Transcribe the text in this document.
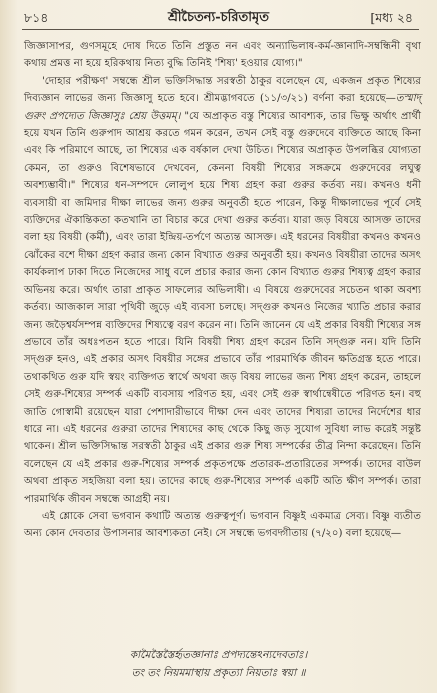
৮১৪	শ্রীচৈতন্য-চরিতামৃত	[মধ্য ২৪

জিজ্ঞাসাপর, গুণসমূহে দোষ দিতে তিনি প্রস্তুত নন এবং অন্যাভিলাষ-কর্ম-জ্ঞানাদি-সম্বন্ধিনী বৃথা কথায় প্রমত্ত না হয়ে হরিকথায় নিত্য বুদ্ধি তিনিই 'শিষ্য' হওয়ার যোগ্য।"

'দোহার পরীক্ষণ' সম্বন্ধে শ্রীল ভক্তিসিদ্ধান্ত সরস্বতী ঠাকুর বলেছেন যে, একজন প্রকৃত শিষ্যের দিব্যজ্ঞান লাভের জন্য জিজ্ঞাসু হতে হবে। শ্রীমদ্ভাগবতে (১১/৩/২১) বর্ণনা করা হয়েছে—তস্মাদ্ গুরুং প্রপদ্যেত জিজ্ঞাসুঃ শ্রেয় উত্তমম্। "যে অপ্রাকৃত বস্তু শিষ্যের আবশ্যক, তার ভিক্ষু অর্থাৎ প্রার্থী হয়ে যখন তিনি গুরুপাদ আশ্রয় করতে গমন করেন, তখন সেই বস্তু গুরুদেবে ব্যক্তিতে আছে কিনা এবং কি পরিমাণে আছে, তা শিষ্যের এক বর্ষকাল দেখা উচিত। শিষ্যের অপ্রাকৃত উপলব্ধির যোগ্যতা কেমন, তা গুরুও বিশেষভাবে দেখবেন, কেননা বিষয়ী শিষ্যের সঙ্গক্রমে গুরুদেবের লঘুত্ব অবশ্যম্ভাবী।" শিষ্যের ধন-সম্পদে লোলুপ হয়ে শিষ্য গ্রহণ করা গুরুর কর্তব্য নয়। কখনও ধনী ব্যবসায়ী বা জমিদার দীক্ষা লাভের জন্য গুরুর অনুবর্তী হতে পারেন, কিন্তু দীক্ষালাভের পূর্বে সেই ব্যক্তিদের ঐকান্তিকতা কতখানি তা বিচার করে দেখা গুরুর কর্তব্য। যারা জড় বিষয়ে আসক্ত তাদের বলা হয় বিষয়ী (কর্মী), এবং তারা ইন্দ্রিয়-তর্পণে অত্যন্ত আসক্ত। এই ধরনের বিষয়ীরা কখনও কখনও ঝোঁকের বশে দীক্ষা গ্রহণ করার জন্য কোন বিখ্যাত গুরুর অনুবর্তী হয়। কখনও বিষয়ীরা তাদের অসৎ কার্যকলাপ ঢাকা দিতে নিজেদের সাধু বলে প্রচার করার জন্য কোন বিখ্যাত গুরুর শিষ্যত্ব গ্রহণ করার অভিনয় করে। অর্থাৎ তারা প্রাকৃত সাফল্যের অভিলাষী। এ বিষয়ে গুরুদেবের সচেতন থাকা অবশ্য কর্তব্য। আজকাল সারা পৃথিবী জুড়ে এই ব্যবসা চলছে। সদ্‌গুরু কখনও নিজের খ্যাতি প্রচার করার জন্য জড়ৈশ্বর্যসম্পন্ন ব্যক্তিদের শিষ্যত্বে বরণ করেন না। তিনি জানেন যে এই প্রকার বিষয়ী শিষ্যের সঙ্গ প্রভাবে তাঁর অধঃপতন হতে পারে। যিনি বিষয়ী শিষ্য গ্রহণ করেন তিনি সদ্‌গুরু নন। যদি তিনি সদ্‌গুরু হনও, এই প্রকার অসৎ বিষয়ীর সঙ্গের প্রভাবে তাঁর পারমার্থিক জীবন ক্ষতিগ্রস্ত হতে পারে। তথাকথিত গুরু যদি স্বয়ং ব্যক্তিগত স্বার্থে অথবা জড় বিষয় লাভের জন্য শিষ্য গ্রহণ করেন, তাহলে সেই গুরু-শিষ্যের সম্পর্ক একটি ব্যবসায় পরিণত হয়, এবং সেই গুরু স্বার্থান্বেষীতে পরিণত হন। বহু জাতি গোস্বামী রয়েছেন যারা পেশাদারীভাবে দীক্ষা দেন এবং তাদের শিষ্যরা তাদের নির্দেশের ধার ধারে না। এই ধরনের গুরুরা তাদের শিষ্যদের কাছ থেকে কিছু জড় সুযোগ সুবিধা লাভ করেই সন্তুষ্ট থাকেন। শ্রীল ভক্তিসিদ্ধান্ত সরস্বতী ঠাকুর এই প্রকার গুরু শিষ্য সম্পর্কের তীব্র নিন্দা করেছেন। তিনি বলেছেন যে এই প্রকার গুরু-শিষ্যের সম্পর্ক প্রকৃতপক্ষে প্রতারক-প্রতারিতের সম্পর্ক। তাদের বাউল অথবা প্রাকৃত সহজিয়া বলা হয়। তাদের কাছে গুরু-শিষ্যের সম্পর্ক একটি অতি ক্ষীণ সম্পর্ক। তারা পারমার্থিক জীবন সম্বন্ধে আগ্রহী নয়।

এই শ্লোকে সেবা ভগবান কথাটি অত্যন্ত গুরুত্বপূর্ণ। ভগবান বিষ্ণুই একমাত্র সেব্য। বিষ্ণু ব্যতীত অন্য কোন দেবতার উপাসনার আবশ্যকতা নেই। সে সম্বন্ধে ভগবদ্গীতায় (৭/২০) বলা হয়েছে—

কামৈস্তৈস্তৈর্হৃতজ্ঞানাঃ প্রপদ্যন্তেঽন্যদেবতাঃ।
তং তং নিয়মমাস্থায় প্রকৃত্যা নিয়তাঃ স্বয়া ॥
